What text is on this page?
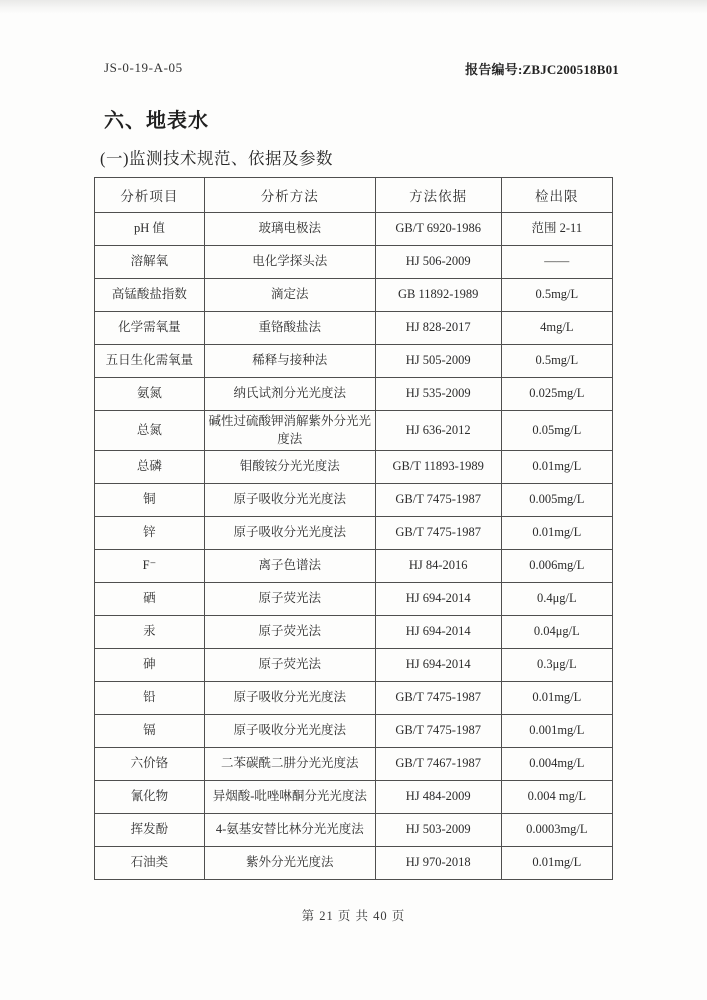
JS-0-19-A-05	报告编号:ZBJC200518B01
六、地表水
(一)监测技术规范、依据及参数
分析项目	分析方法	方法依据	检出限
pH 值	玻璃电极法	GB/T 6920-1986	范围 2-11
溶解氧	电化学探头法	HJ 506-2009	——
高锰酸盐指数	滴定法	GB 11892-1989	0.5mg/L
化学需氧量	重铬酸盐法	HJ 828-2017	4mg/L
五日生化需氧量	稀释与接种法	HJ 505-2009	0.5mg/L
氨氮	纳氏试剂分光光度法	HJ 535-2009	0.025mg/L
总氮	碱性过硫酸钾消解紫外分光光度法	HJ 636-2012	0.05mg/L
总磷	钼酸铵分光光度法	GB/T 11893-1989	0.01mg/L
铜	原子吸收分光光度法	GB/T 7475-1987	0.005mg/L
锌	原子吸收分光光度法	GB/T 7475-1987	0.01mg/L
F⁻	离子色谱法	HJ 84-2016	0.006mg/L
硒	原子荧光法	HJ 694-2014	0.4μg/L
汞	原子荧光法	HJ 694-2014	0.04μg/L
砷	原子荧光法	HJ 694-2014	0.3μg/L
铅	原子吸收分光光度法	GB/T 7475-1987	0.01mg/L
镉	原子吸收分光光度法	GB/T 7475-1987	0.001mg/L
六价铬	二苯碳酰二肼分光光度法	GB/T 7467-1987	0.004mg/L
氰化物	异烟酸-吡唑啉酮分光光度法	HJ 484-2009	0.004 mg/L
挥发酚	4-氨基安替比林分光光度法	HJ 503-2009	0.0003mg/L
石油类	紫外分光光度法	HJ 970-2018	0.01mg/L
第 21 页 共 40 页
